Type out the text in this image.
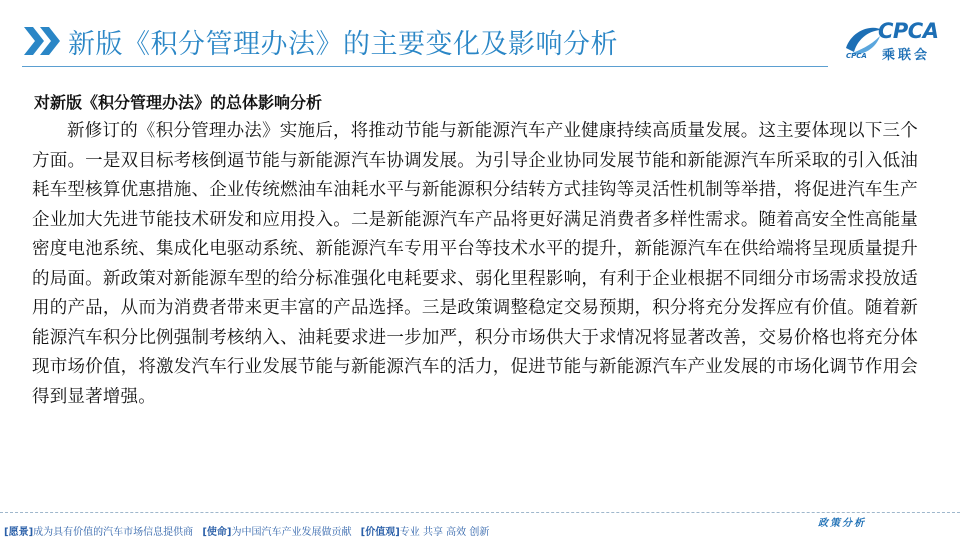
新版《积分管理办法》的主要变化及影响分析	CPCA
乘联会
CPCA
对新版《积分管理办法》的总体影响分析

新修订的《积分管理办法》实施后，将推动节能与新能源汽车产业健康持续高质量发展。这主要体现以下三个方面。一是双目标考核倒逼节能与新能源汽车协调发展。为引导企业协同发展节能和新能源汽车所采取的引入低油耗车型核算优惠措施、企业传统燃油车油耗水平与新能源积分结转方式挂钩等灵活性机制等举措，将促进汽车生产企业加大先进节能技术研发和应用投入。二是新能源汽车产品将更好满足消费者多样性需求。随着高安全性高能量密度电池系统、集成化电驱动系统、新能源汽车专用平台等技术水平的提升，新能源汽车在供给端将呈现质量提升的局面。新政策对新能源车型的给分标准强化电耗要求、弱化里程影响，有利于企业根据不同细分市场需求投放适用的产品，从而为消费者带来更丰富的产品选择。三是政策调整稳定交易预期，积分将充分发挥应有价值。随着新能源汽车积分比例强制考核纳入、油耗要求进一步加严，积分市场供大于求情况将显著改善，交易价格也将充分体现市场价值，将激发汽车行业发展节能与新能源汽车的活力，促进节能与新能源汽车产业发展的市场化调节作用会得到显著增强。

政策分析
[愿景]成为具有价值的汽车市场信息提供商 [使命]为中国汽车产业发展做贡献 [价值观]专业 共享 高效 创新
